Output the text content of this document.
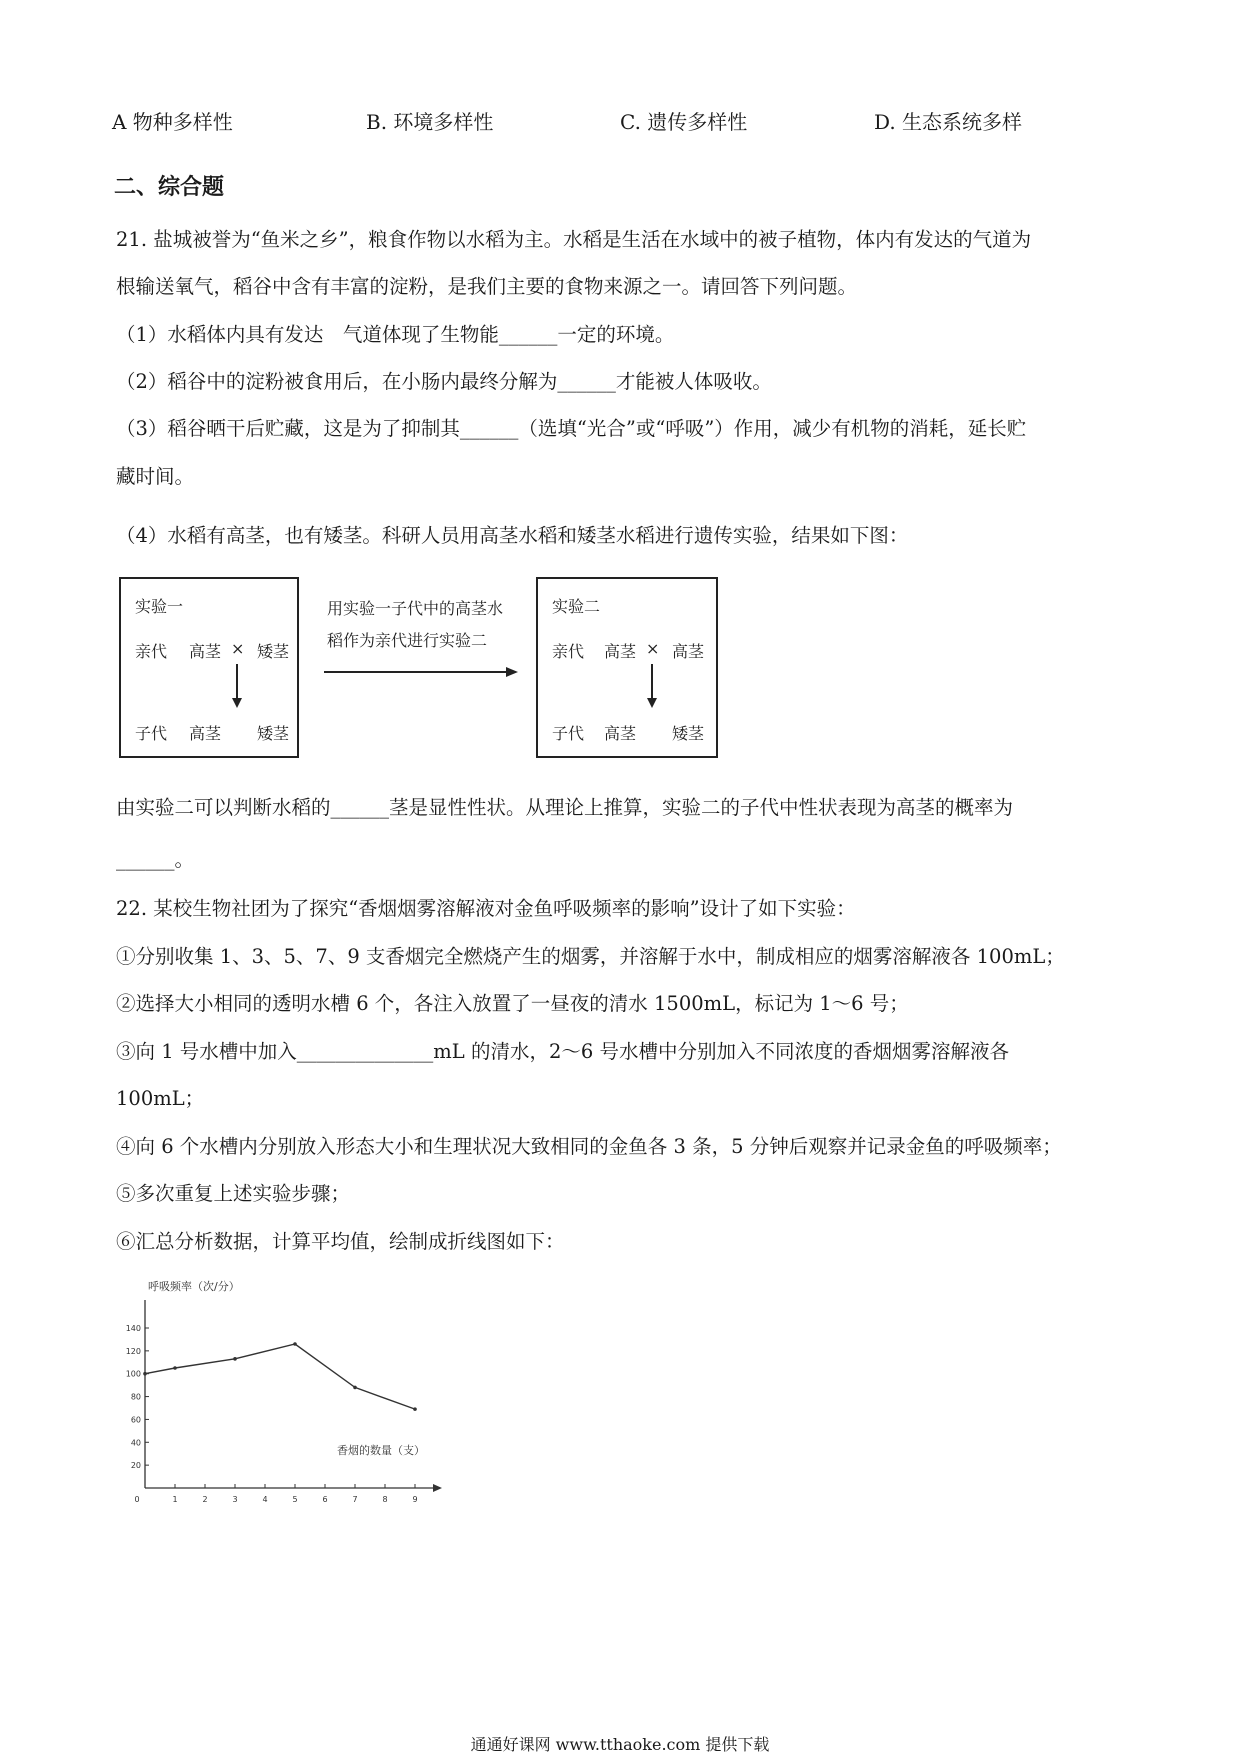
A 物种多样性	B. 环境多样性	C. 遗传多样性	D. 生态系统多样
二、综合题
21. 盐城被誉为“鱼米之乡”，粮食作物以水稻为主。水稻是生活在水域中的被子植物，体内有发达的气道为
根输送氧气，稻谷中含有丰富的淀粉，是我们主要的食物来源之一。请回答下列问题。
（1）水稻体内具有发达　气道体现了生物能______一定的环境。
（2）稻谷中的淀粉被食用后，在小肠内最终分解为______才能被人体吸收。
（3）稻谷晒干后贮藏，这是为了抑制其______（选填“光合”或“呼吸”）作用，减少有机物的消耗，延长贮
藏时间。
（4）水稻有高茎，也有矮茎。科研人员用高茎水稻和矮茎水稻进行遗传实验，结果如下图：
实验一
亲代 高茎 × 矮茎
子代 高茎 矮茎
用实验一子代中的高茎水
稻作为亲代进行实验二
实验二
亲代 高茎 × 高茎
子代 高茎 矮茎
由实验二可以判断水稻的______茎是显性性状。从理论上推算，实验二的子代中性状表现为高茎的概率为
______。
22. 某校生物社团为了探究“香烟烟雾溶解液对金鱼呼吸频率的影响”设计了如下实验：
①分别收集 1、3、5、7、9 支香烟完全燃烧产生的烟雾，并溶解于水中，制成相应的烟雾溶解液各 100mL；
②选择大小相同的透明水槽 6 个，各注入放置了一昼夜的清水 1500mL，标记为 1～6 号；
③向 1 号水槽中加入______________mL 的清水，2～6 号水槽中分别加入不同浓度的香烟烟雾溶解液各
100mL；
④向 6 个水槽内分别放入形态大小和生理状况大致相同的金鱼各 3 条，5 分钟后观察并记录金鱼的呼吸频率；
⑤多次重复上述实验步骤；
⑥汇总分析数据，计算平均值，绘制成折线图如下：
0	1	2	3	4	5	6	7	8	9
20
40
60
80
100
120
140
呼吸频率（次/分）
香烟的数量（支）
通通好课网 www.tthaoke.com 提供下载
